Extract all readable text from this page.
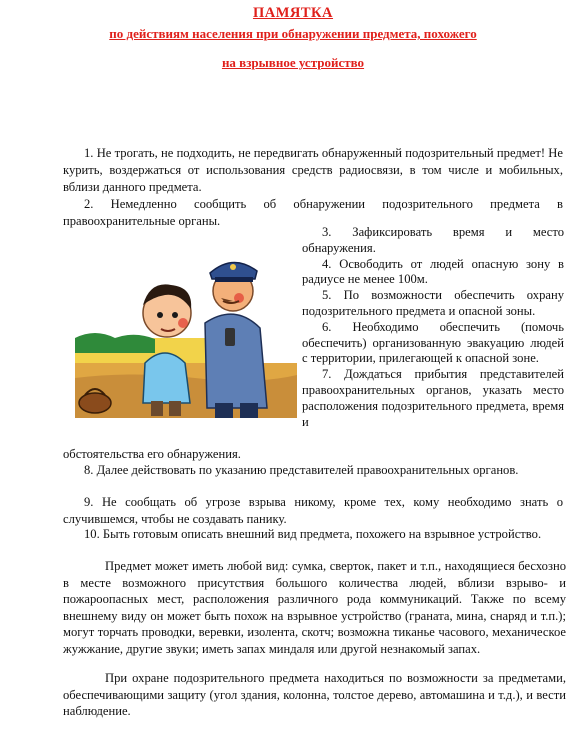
ПАМЯТКА
по действиям населения при обнаружении предмета, похожего
на взрывное устройство

1. Не трогать, не подходить, не передвигать обнаруженный подозрительный предмет! Не курить, воздержаться от использования средств радиосвязи, в том числе и мобильных, вблизи данного предмета.

2. Немедленно сообщить об обнаружении подозрительного предмета в правоохранительные органы.

3. Зафиксировать время и место обнаружения.

4. Освободить от людей опасную зону в радиусе не менее 100м.

5. По возможности обеспечить охрану подозрительного предмета и опасной зоны.

6. Необходимо обеспечить (помочь обеспечить) организованную эвакуацию людей с территории, прилегающей к опасной зоне.

7. Дождаться прибытия представителей правоохранительных органов, указать место расположения подозрительного предмета, время и

обстоятельства его обнаружения.

8. Далее действовать по указанию представителей правоохранительных органов.

9. Не сообщать об угрозе взрыва никому, кроме тех, кому необходимо знать о случившемся, чтобы не создавать панику.

10. Быть готовым описать внешний вид предмета, похожего на взрывное устройство.

Предмет может иметь любой вид: сумка, сверток, пакет и т.п., находящиеся бесхозно в месте возможного присутствия большого количества людей, вблизи взрыво- и пожароопасных мест, расположения различного рода коммуникаций. Также по всему внешнему виду он может быть похож на взрывное устройство (граната, мина, снаряд и т.п.); могут торчать проводки, веревки, изолента, скотч; возможна тиканье часового, механическое жужжание, другие звуки; иметь запах миндаля или другой незнакомый запах.

При охране подозрительного предмета находиться по возможности за предметами, обеспечивающими защиту (угол здания, колонна, толстое дерево, автомашина и т.д.), и вести наблюдение.
